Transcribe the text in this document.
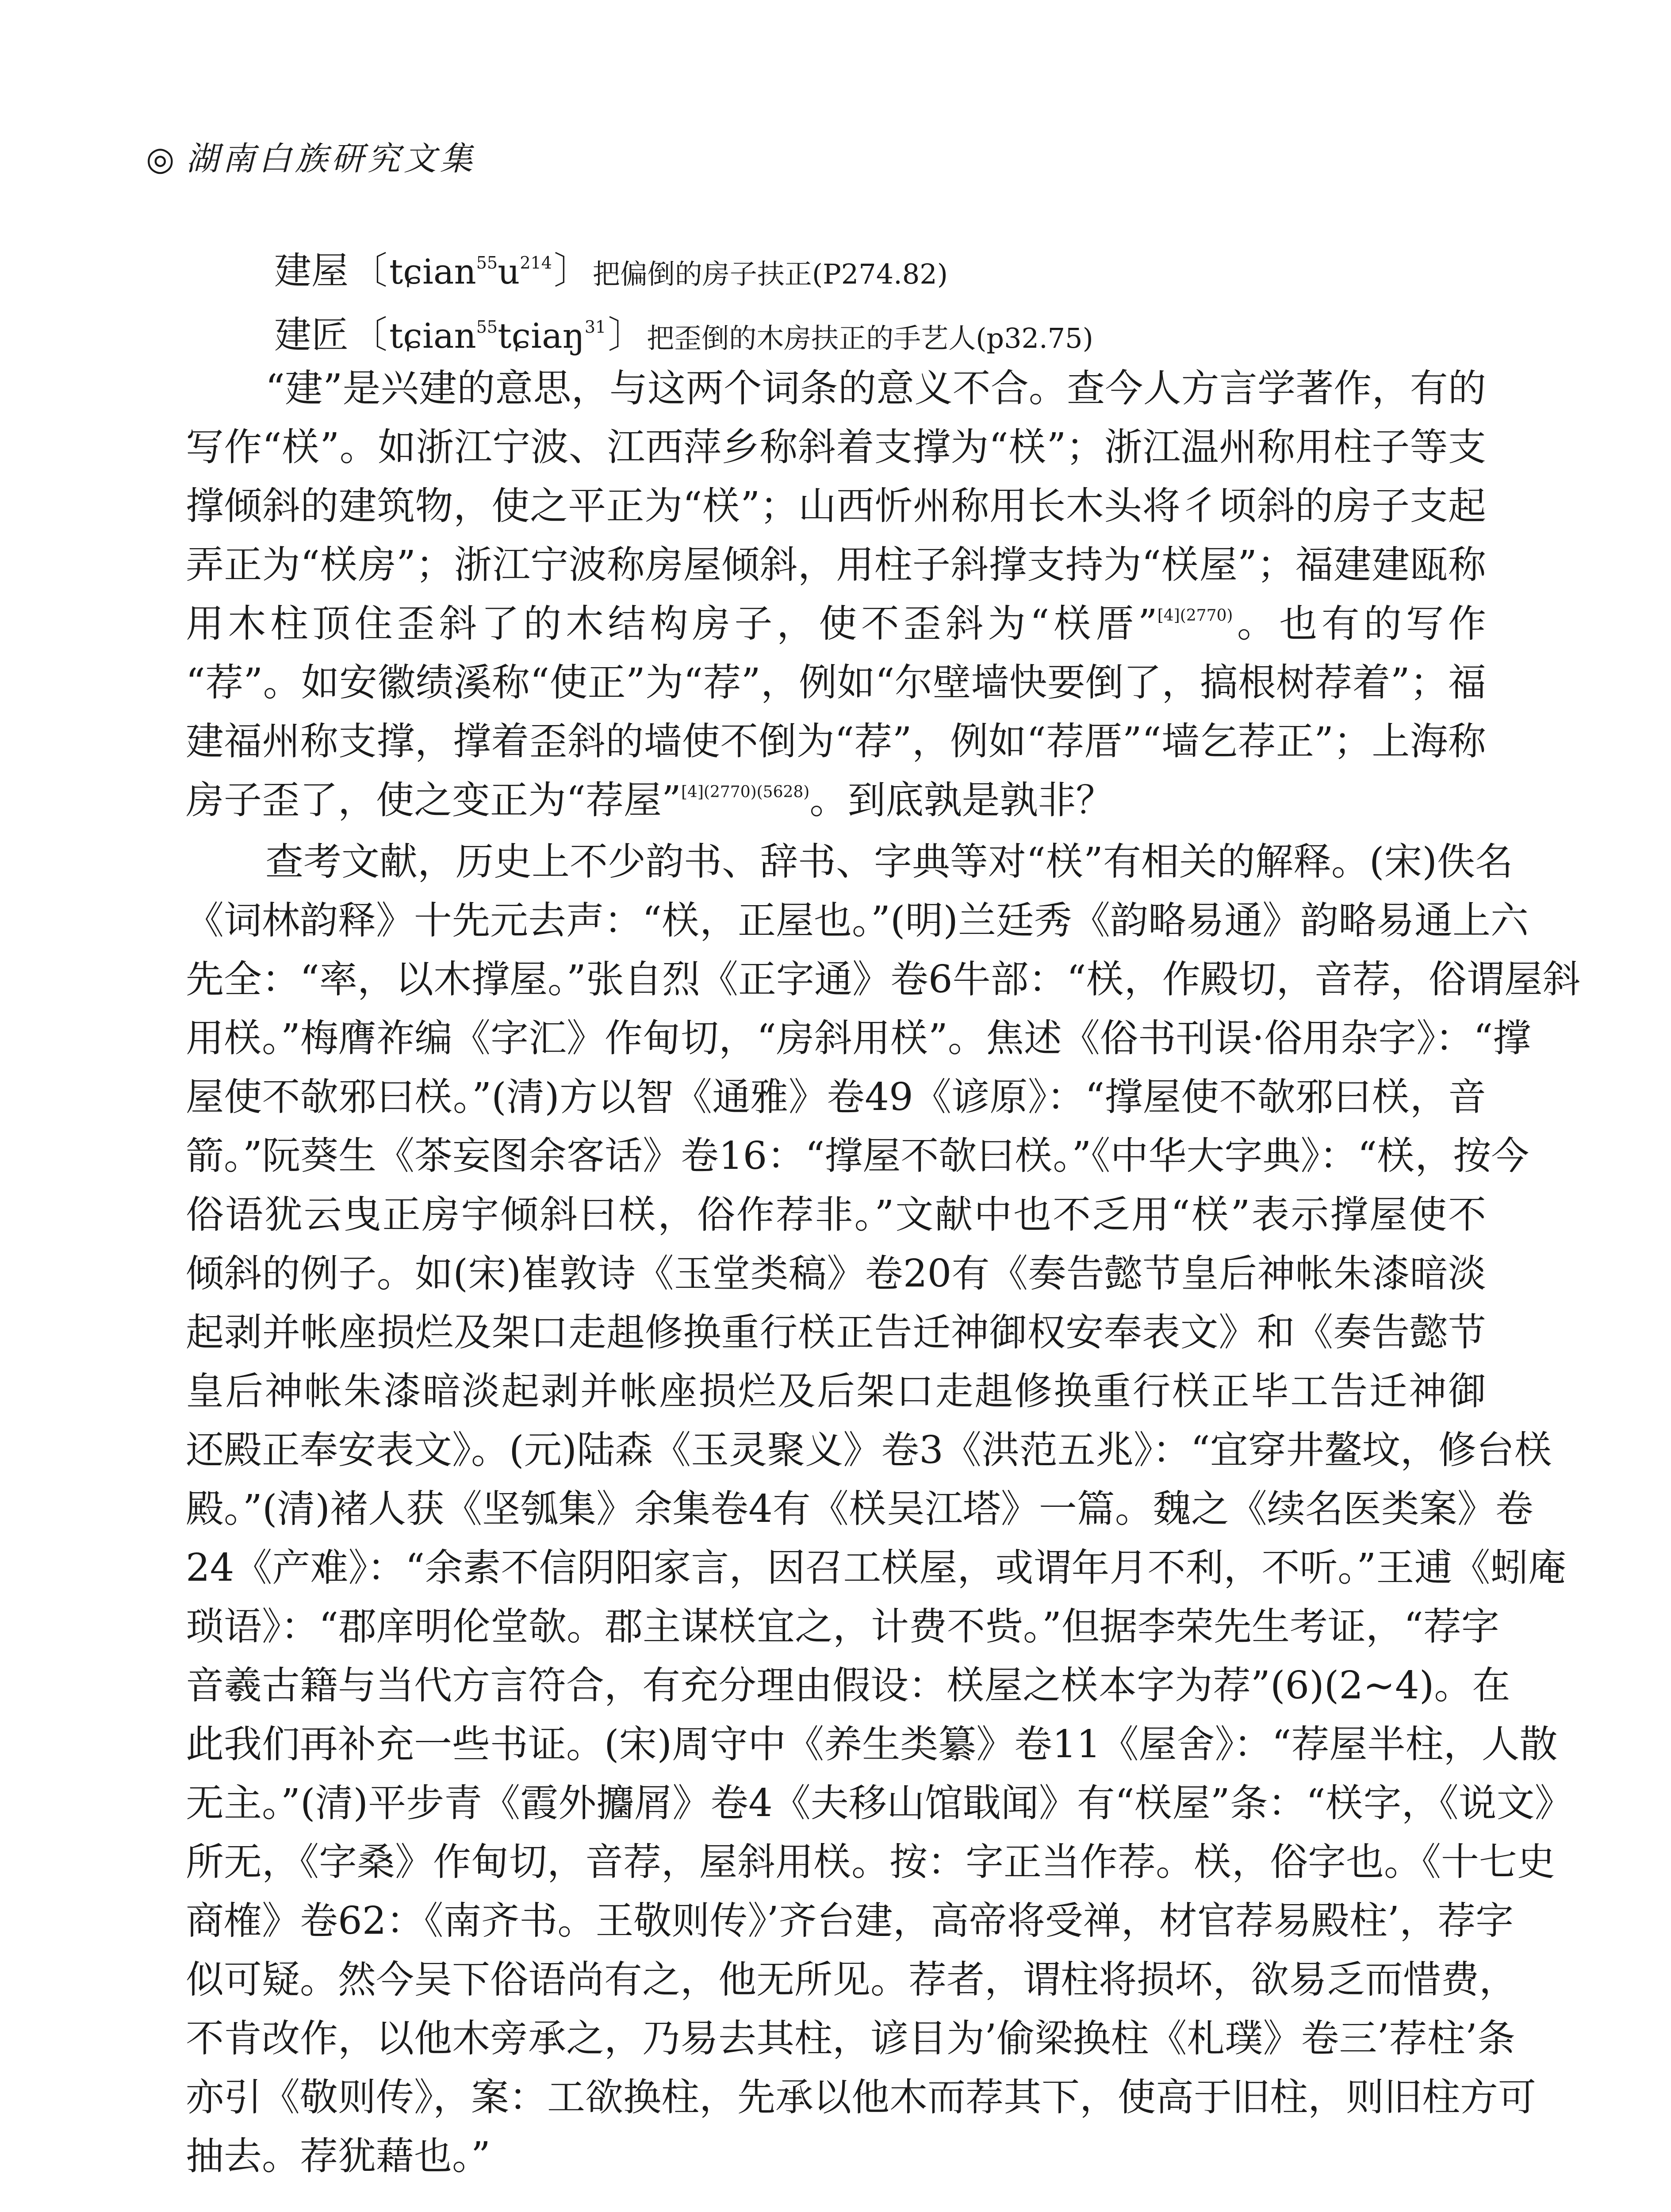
◎ 湖南白族研究文集
建屋〔$tɕian^{55}u^{214}$〕把偏倒的房子扶正(P274.82)
建匠〔tɕian$^{55}$tɕiaŋ$^{31}$〕把歪倒的木房扶正的手艺人(p32.75)
“建”是兴建的意思，与这两个词条的意义不合。查今人方言学著作，有的
写作“栚”。如浙江宁波、江西萍乡称斜着支撑为“栚”；浙江温州称用柱子等支
撑倾斜的建筑物，使之平正为“栚”；山西忻州称用长木头将彳顷斜的房子支起
弄正为“栚房”；浙江宁波称房屋倾斜，用柱子斜撑支持为“栚屋”；福建建瓯称
用木柱顶住歪斜了的木结构房子，使不歪斜为“栚厝”$^{[4](2770)}$。也有的写作
“荐”。如安徽绩溪称“使正”为“荐”，例如“尔壁墙快要倒了，搞根树荐着”；福
建福州称支撑，撑着歪斜的墙使不倒为“荐”，例如“荐厝”“墙乞荐正”；上海称
房子歪了，使之变正为“荐屋”$^{[4](2770)(5628)}$。到底孰是孰非？
查考文献，历史上不少韵书、辞书、字典等对“栚”有相关的解释。(宋)佚名
《词林韵释》十先元去声：“栚，正屋也。”(明)兰廷秀《韵略易通》韵略易通上六
先全：“率，以木撑屋。”张自烈《正字通》卷6牛部：“栚，作殿切，音荐，俗谓屋斜
用栚。”梅膺祚编《字汇》作甸切，“房斜用栚”。焦述《俗书刊误·俗用杂字》：“撑
屋使不欹邪曰栚。”(清)方以智《通雅》卷49《谚原》：“撑屋使不欹邪曰栚，音
箭。”阮葵生《茶妄图余客话》卷16：“撑屋不欹曰栚。”《中华大字典》：“栚，按今
俗语犹云曳正房宇倾斜曰栚，俗作荐非。”文献中也不乏用“栚”表示撑屋使不
倾斜的例子。如(宋)崔敦诗《玉堂类稿》卷20有《奏告懿节皇后神帐朱漆暗淡
起剥并帐座损烂及架口走趄修换重行栚正告迁神御权安奉表文》和《奏告懿节
皇后神帐朱漆暗淡起剥并帐座损烂及后架口走趄修换重行栚正毕工告迁神御
还殿正奉安表文》。(元)陆森《玉灵聚义》卷3《洪范五兆》：“宜穿井鳌坟，修台栚
殿。”(清)褚人获《坚瓠集》余集卷4有《栚吴江塔》一篇。魏之《续名医类案》卷
24《产难》：“余素不信阴阳家言，因召工栚屋，或谓年月不利，不听。”王逋《蚓庵
琐语》：“郡庠明伦堂欹。郡主谋栚宜之，计费不赀。”但据李荣先生考证，“荐字
音羲古籍与当代方言符合，有充分理由假设：栚屋之栚本字为荐”(6)(2~4)。在
此我们再补充一些书证。(宋)周守中《养生类纂》卷11《屋舍》：“荐屋半柱，人散
无主。”(清)平步青《霞外攟屑》卷4《夫移山馆戢闻》有“栚屋”条：“栚字，《说文》
所无，《字桑》作甸切，音荐，屋斜用栚。按：字正当作荐。栚，俗字也。《十七史
商榷》卷62：《南齐书。王敬则传》’齐台建，高帝将受禅，材官荐易殿柱’，荐字
似可疑。然今吴下俗语尚有之，他无所见。荐者，谓柱将损坏，欲易乏而惜费，
不肯改作，以他木旁承之，乃易去其柱，谚目为’偷梁换柱《札璞》卷三’荐柱’条
亦引《敬则传》，案：工欲换柱，先承以他木而荐其下，使高于旧柱，则旧柱方可
抽去。荐犹藉也。”
